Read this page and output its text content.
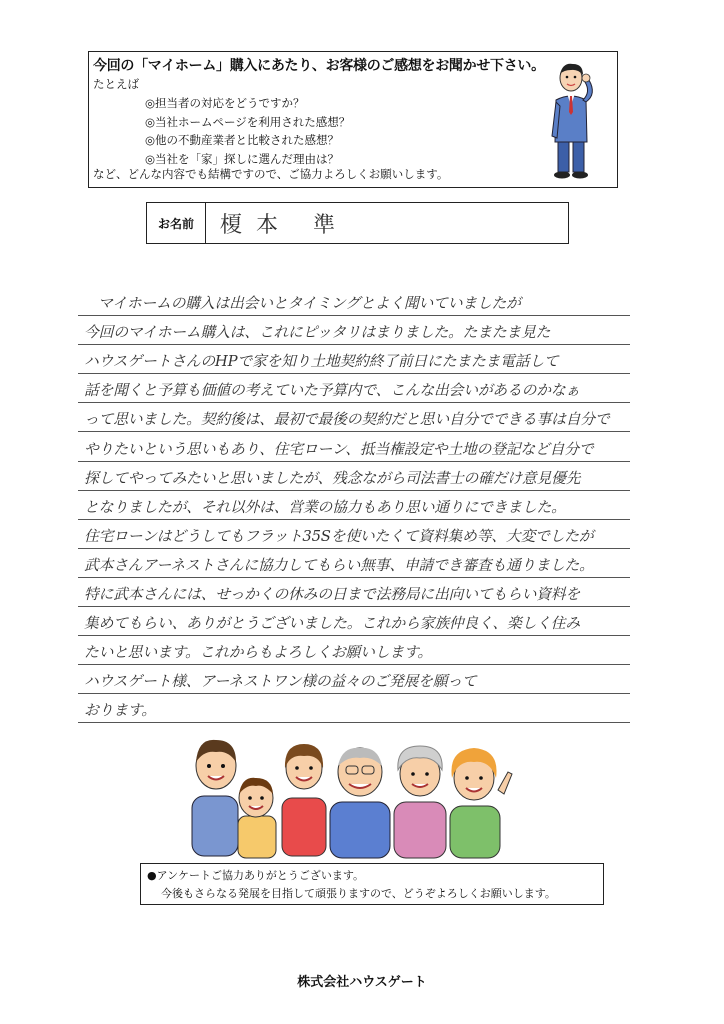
今回の「マイホーム」購入にあたり、お客様のご感想をお聞かせ下さい。
たとえば
◎担当者の対応をどうですか？
◎当社ホームページを利用された感想？
◎他の不動産業者と比較された感想？
◎当社を「家」探しに選んだ理由は？
など、どんな内容でも結構ですので、ご協力よろしくお願いします。
お名前	榎本 準
マイホームの購入は出会いとタイミングとよく聞いていましたが
今回のマイホーム購入は、これにピッタリはまりました。たまたま見た
ハウスゲートさんのHPで家を知り土地契約終了前日にたまたま電話して
話を聞くと予算も価値の考えていた予算内で、こんな出会いがあるのかなぁ
って思いました。契約後は、最初で最後の契約だと思い自分でできる事は自分で
やりたいという思いもあり、住宅ローン、抵当権設定や土地の登記など自分で
探してやってみたいと思いましたが、残念ながら司法書士の確だけ意見優先
となりましたが、それ以外は、営業の協力もあり思い通りにできました。
住宅ローンはどうしてもフラット35Sを使いたくて資料集め等、大変でしたが
武本さんアーネストさんに協力してもらい無事、申請でき審査も通りました。
特に武本さんには、せっかくの休みの日まで法務局に出向いてもらい資料を
集めてもらい、ありがとうございました。これから家族仲良く、楽しく住み
たいと思います。これからもよろしくお願いします。
ハウスゲート様、アーネストワン様の益々のご発展を願って
おります。
●アンケートご協力ありがとうございます。
今後もさらなる発展を目指して頑張りますので、どうぞよろしくお願いします。
株式会社ハウスゲート
